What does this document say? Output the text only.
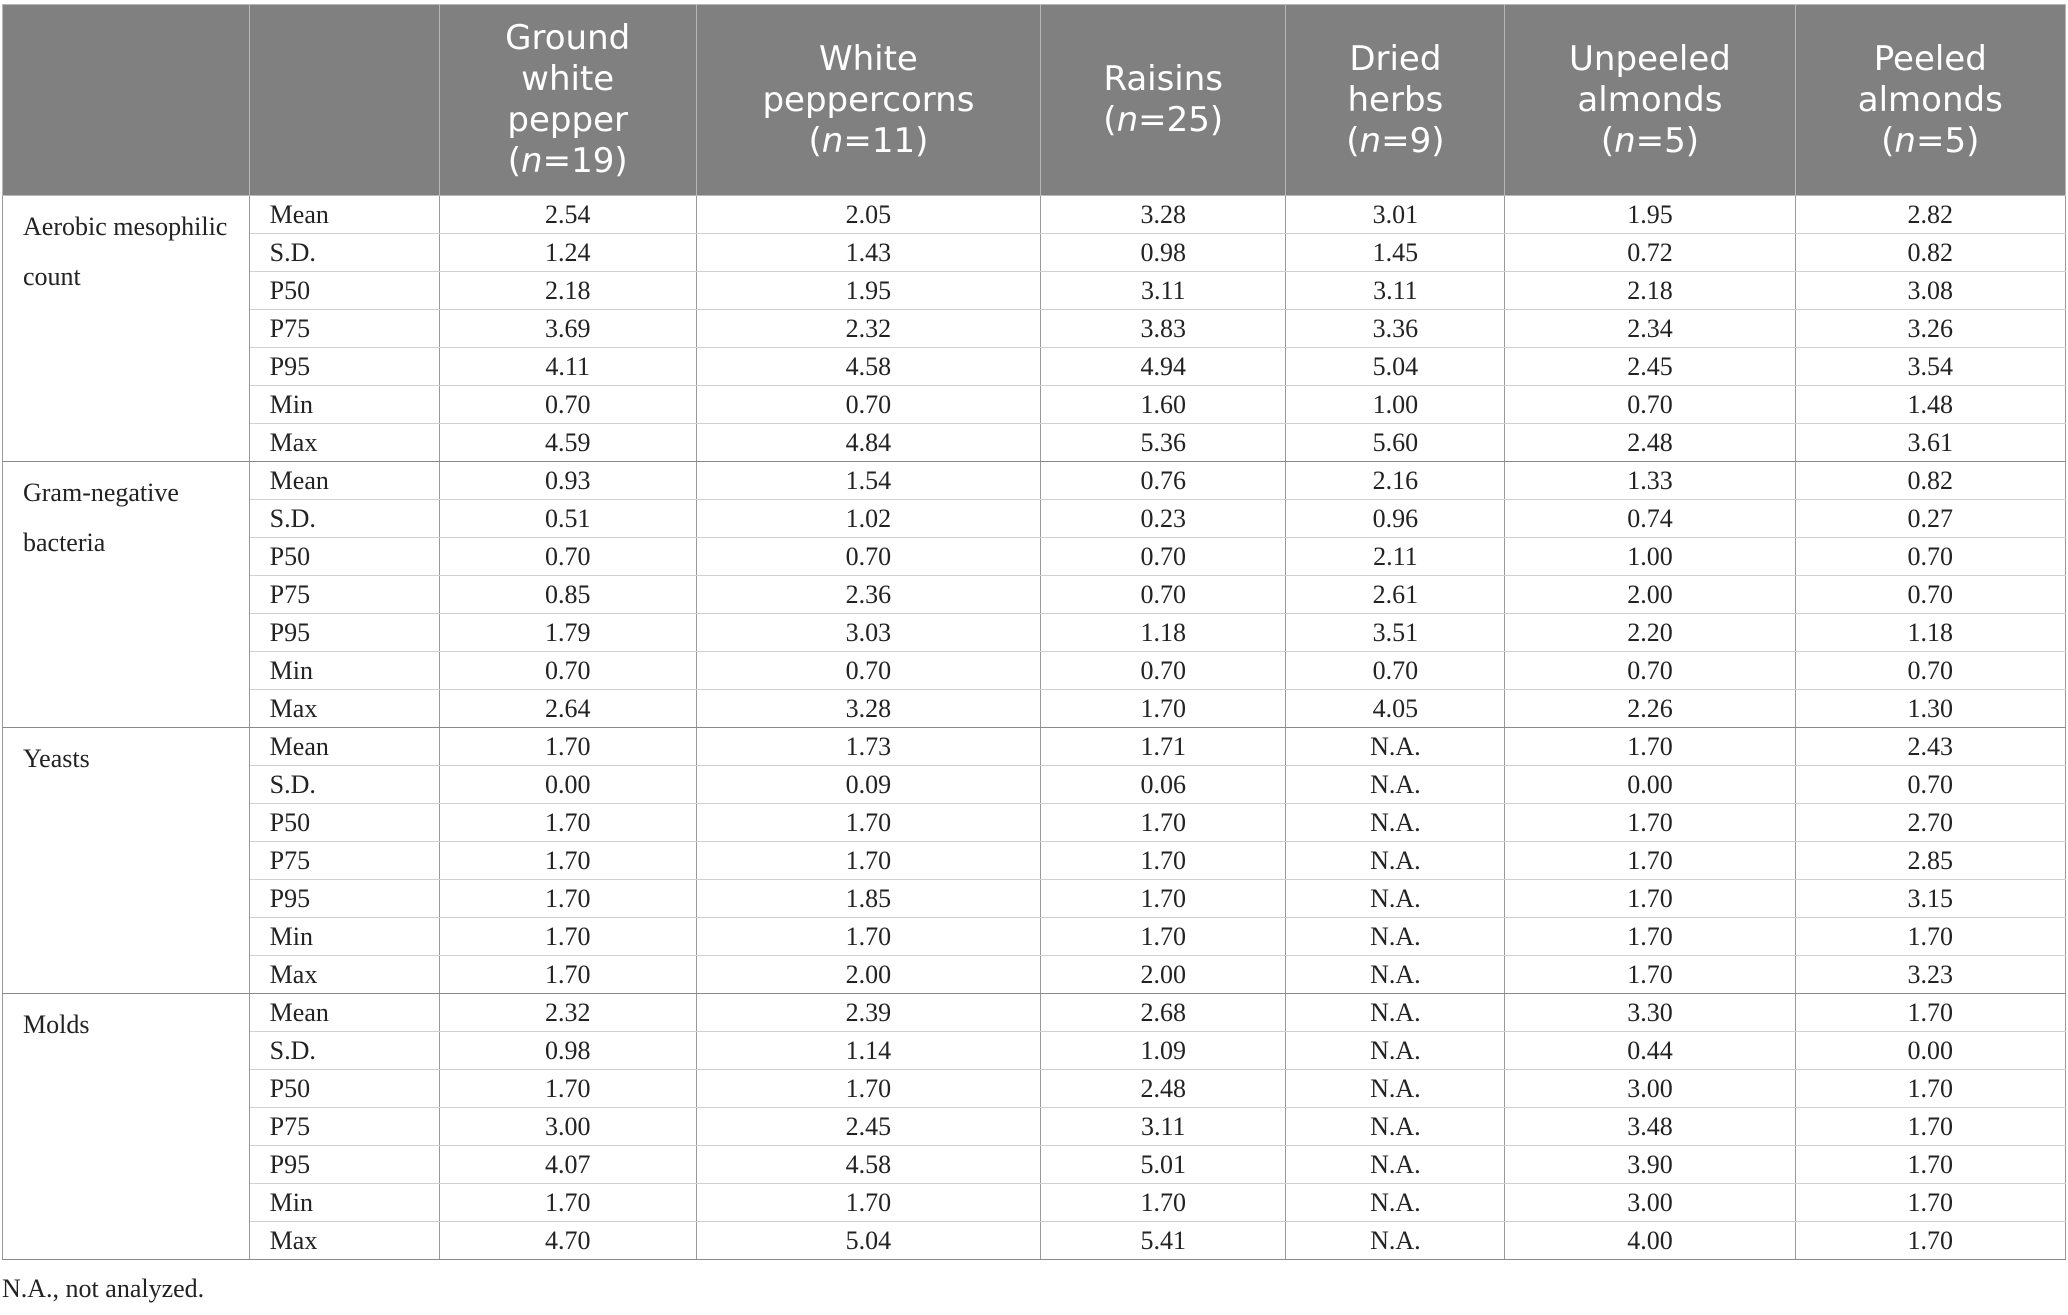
		Ground
white
pepper
(n=19)	White
peppercorns
(n=11)	Raisins
(n=25)	Dried
herbs
(n=9)	Unpeeled
almonds
(n=5)	Peeled
almonds
(n=5)

Aerobic mesophilic count	Mean	2.54	2.05	3.28	3.01	1.95	2.82
	S.D.	1.24	1.43	0.98	1.45	0.72	0.82
	P50	2.18	1.95	3.11	3.11	2.18	3.08
	P75	3.69	2.32	3.83	3.36	2.34	3.26
	P95	4.11	4.58	4.94	5.04	2.45	3.54
	Min	0.70	0.70	1.60	1.00	0.70	1.48
	Max	4.59	4.84	5.36	5.60	2.48	3.61
Gram-negative bacteria	Mean	0.93	1.54	0.76	2.16	1.33	0.82
	S.D.	0.51	1.02	0.23	0.96	0.74	0.27
	P50	0.70	0.70	0.70	2.11	1.00	0.70
	P75	0.85	2.36	0.70	2.61	2.00	0.70
	P95	1.79	3.03	1.18	3.51	2.20	1.18
	Min	0.70	0.70	0.70	0.70	0.70	0.70
	Max	2.64	3.28	1.70	4.05	2.26	1.30
Yeasts	Mean	1.70	1.73	1.71	N.A.	1.70	2.43
	S.D.	0.00	0.09	0.06	N.A.	0.00	0.70
	P50	1.70	1.70	1.70	N.A.	1.70	2.70
	P75	1.70	1.70	1.70	N.A.	1.70	2.85
	P95	1.70	1.85	1.70	N.A.	1.70	3.15
	Min	1.70	1.70	1.70	N.A.	1.70	1.70
	Max	1.70	2.00	2.00	N.A.	1.70	3.23
Molds	Mean	2.32	2.39	2.68	N.A.	3.30	1.70
	S.D.	0.98	1.14	1.09	N.A.	0.44	0.00
	P50	1.70	1.70	2.48	N.A.	3.00	1.70
	P75	3.00	2.45	3.11	N.A.	3.48	1.70
	P95	4.07	4.58	5.01	N.A.	3.90	1.70
	Min	1.70	1.70	1.70	N.A.	3.00	1.70
	Max	4.70	5.04	5.41	N.A.	4.00	1.70
N.A., not analyzed.
